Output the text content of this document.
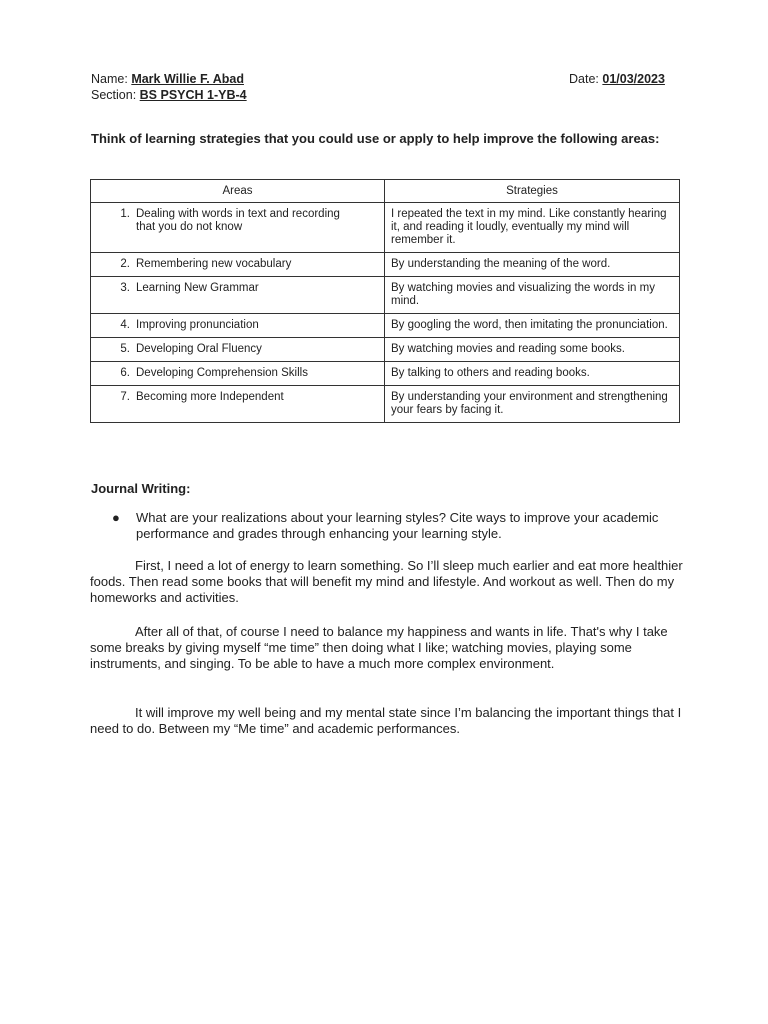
Name: Mark Willie F. Abad	Date: 01/03/2023
Section: BS PSYCH 1-YB-4
Think of learning strategies that you could use or apply to help improve the following areas:
Areas	Strategies
1. Dealing with words in text and recording that you do not know	I repeated the text in my mind. Like constantly hearing it, and reading it loudly, eventually my mind will remember it.
2. Remembering new vocabulary	By understanding the meaning of the word.
3. Learning New Grammar	By watching movies and visualizing the words in my mind.
4. Improving pronunciation	By googling the word, then imitating the pronunciation.
5. Developing Oral Fluency	By watching movies and reading some books.
6. Developing Comprehension Skills	By talking to others and reading books.
7. Becoming more Independent	By understanding your environment and strengthening your fears by facing it.
Journal Writing:
● What are your realizations about your learning styles? Cite ways to improve your academic performance and grades through enhancing your learning style.
First, I need a lot of energy to learn something. So I’ll sleep much earlier and eat more healthier foods. Then read some books that will benefit my mind and lifestyle. And workout as well. Then do my homeworks and activities.
After all of that, of course I need to balance my happiness and wants in life. That's why I take some breaks by giving myself “me time” then doing what I like; watching movies, playing some instruments, and singing. To be able to have a much more complex environment.
It will improve my well being and my mental state since I’m balancing the important things that I need to do. Between my “Me time” and academic performances.
